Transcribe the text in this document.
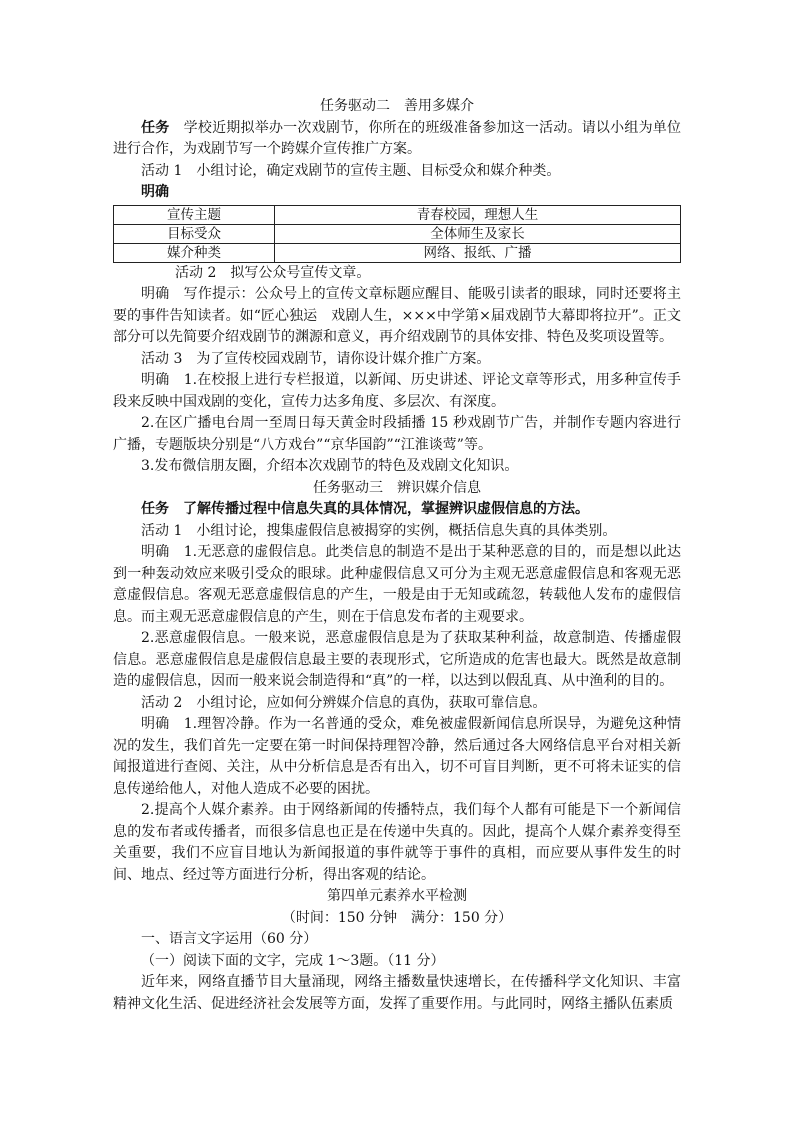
任务驱动二　善用多媒介

任务　学校近期拟举办一次戏剧节，你所在的班级准备参加这一活动。请以小组为单位进行合作，为戏剧节写一个跨媒介宣传推广方案。

活动 1　小组讨论，确定戏剧节的宣传主题、目标受众和媒介种类。

明确

宣传主题	青春校园，理想人生
目标受众	全体师生及家长
媒介种类	网络、报纸、广播

活动 2　拟写公众号宣传文章。

明确　写作提示：公众号上的宣传文章标题应醒目、能吸引读者的眼球，同时还要将主要的事件告知读者。如“匠心独运　戏剧人生，×××中学第×届戏剧节大幕即将拉开”。正文部分可以先简要介绍戏剧节的渊源和意义，再介绍戏剧节的具体安排、特色及奖项设置等。

活动 3　为了宣传校园戏剧节，请你设计媒介推广方案。

明确　1.在校报上进行专栏报道，以新闻、历史讲述、评论文章等形式，用多种宣传手段来反映中国戏剧的变化，宣传力达多角度、多层次、有深度。

2.在区广播电台周一至周日每天黄金时段插播 15 秒戏剧节广告，并制作专题内容进行广播，专题版块分别是“八方戏台”“京华国韵”“江淮谈莺”等。

3.发布微信朋友圈，介绍本次戏剧节的特色及戏剧文化知识。

任务驱动三　辨识媒介信息

任务　了解传播过程中信息失真的具体情况，掌握辨识虚假信息的方法。

活动 1　小组讨论，搜集虚假信息被揭穿的实例，概括信息失真的具体类别。

明确　1.无恶意的虚假信息。此类信息的制造不是出于某种恶意的目的，而是想以此达到一种轰动效应来吸引受众的眼球。此种虚假信息又可分为主观无恶意虚假信息和客观无恶意虚假信息。客观无恶意虚假信息的产生，一般是由于无知或疏忽，转载他人发布的虚假信息。而主观无恶意虚假信息的产生，则在于信息发布者的主观要求。

2.恶意虚假信息。一般来说，恶意虚假信息是为了获取某种利益，故意制造、传播虚假信息。恶意虚假信息是虚假信息最主要的表现形式，它所造成的危害也最大。既然是故意制造的虚假信息，因而一般来说会制造得和“真”的一样，以达到以假乱真、从中渔利的目的。

活动 2　小组讨论，应如何分辨媒介信息的真伪，获取可靠信息。

明确　1.理智冷静。作为一名普通的受众，难免被虚假新闻信息所误导，为避免这种情况的发生，我们首先一定要在第一时间保持理智冷静，然后通过各大网络信息平台对相关新闻报道进行查阅、关注，从中分析信息是否有出入，切不可盲目判断，更不可将未证实的信息传递给他人，对他人造成不必要的困扰。

2.提高个人媒介素养。由于网络新闻的传播特点，我们每个人都有可能是下一个新闻信息的发布者或传播者，而很多信息也正是在传递中失真的。因此，提高个人媒介素养变得至关重要，我们不应盲目地认为新闻报道的事件就等于事件的真相，而应要从事件发生的时间、地点、经过等方面进行分析，得出客观的结论。

第四单元素养水平检测

（时间：150 分钟　满分：150 分）

一、语言文字运用（60 分）

（一）阅读下面的文字，完成 1～3题。（11 分）

近年来，网络直播节目大量涌现，网络主播数量快速增长，在传播科学文化知识、丰富精神文化生活、促进经济社会发展等方面，发挥了重要作用。与此同时，网络主播队伍素质
